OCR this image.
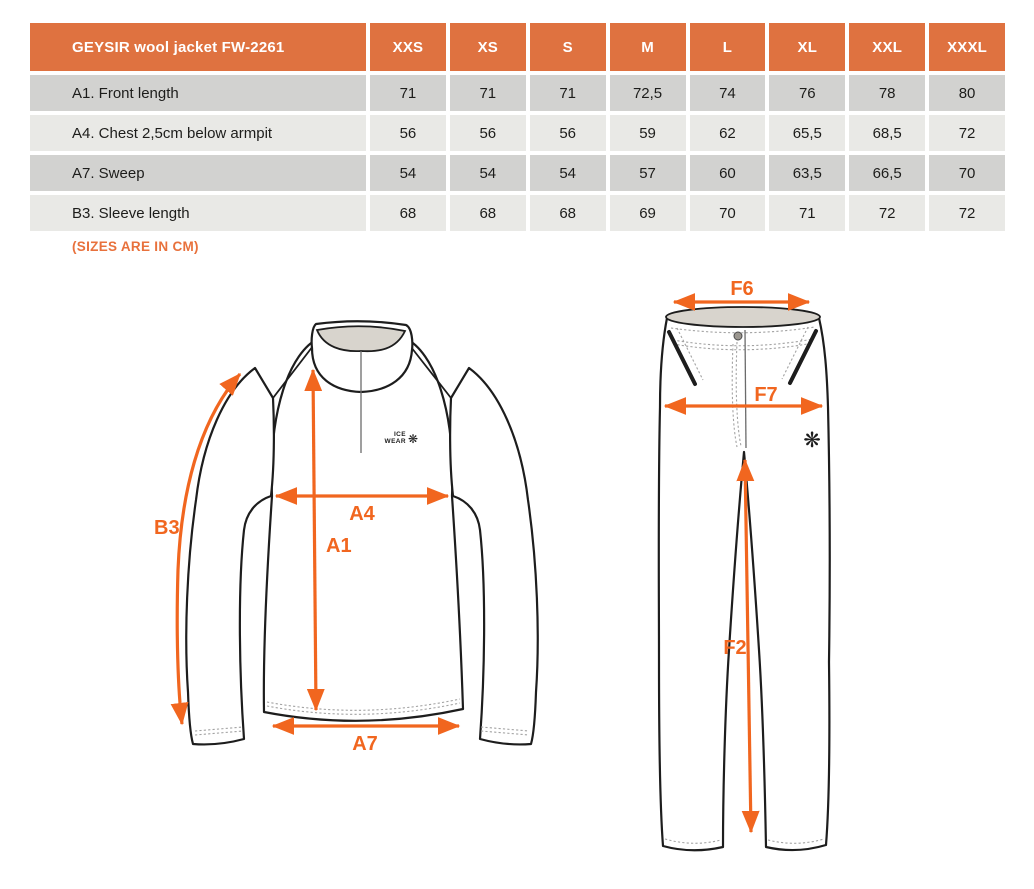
GEYSIR wool jacket FW-2261	XXS	XS	S	M	L	XL	XXL	XXXL
A1. Front length	71	71	71	72,5	74	76	78	80
A4. Chest 2,5cm below armpit	56	56	56	59	62	65,5	68,5	72
A7. Sweep	54	54	54	57	60	63,5	66,5	70
B3. Sleeve length	68	68	68	69	70	71	72	72
(SIZES ARE IN CM)
ICE
WEAR ❋
B3
A4
A1
A7
❋
F6
F7
F2
